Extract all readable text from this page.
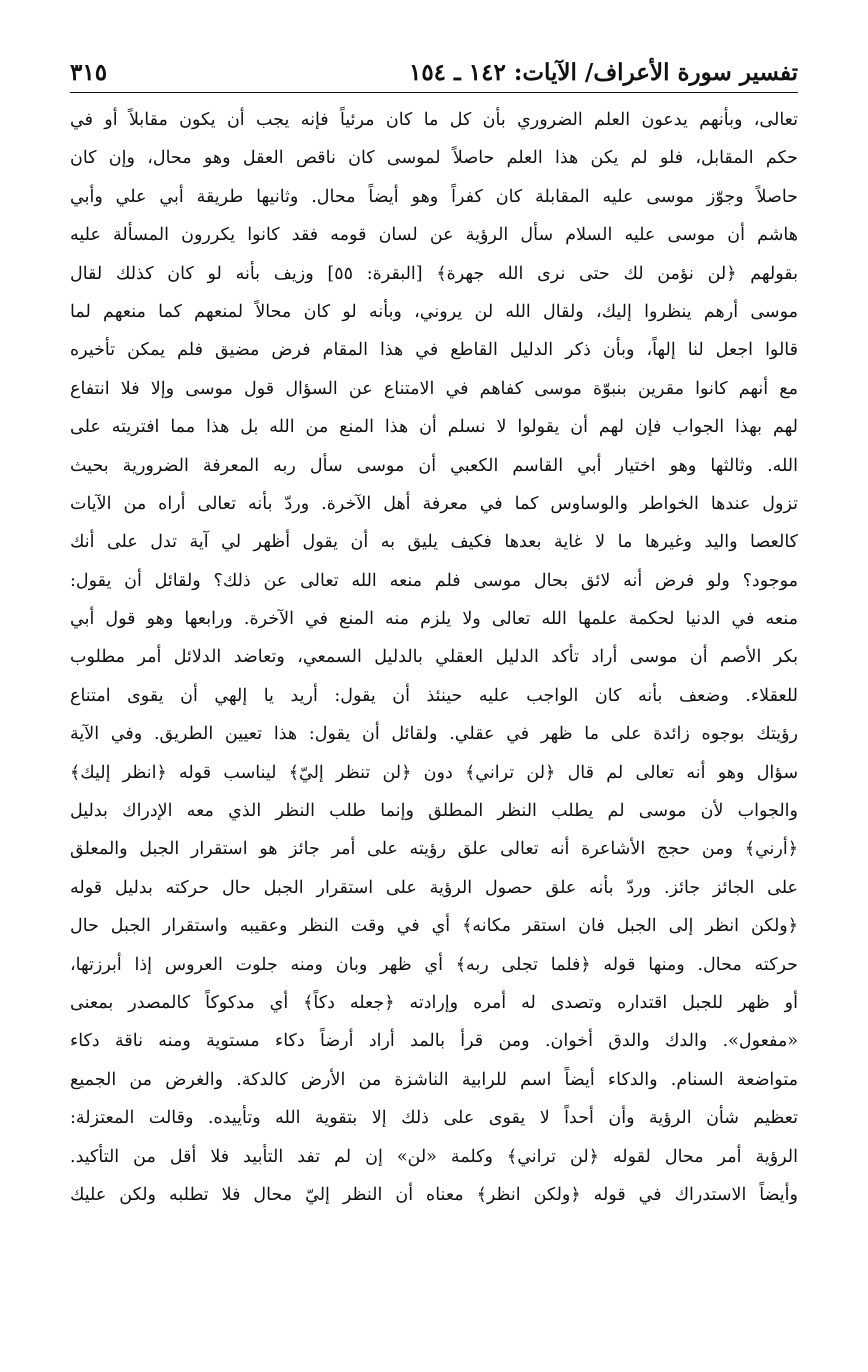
تفسير سورة الأعراف/ الآيات: ١٤٢ ـ ١٥٤
٣١٥
تعالى، وبأنهم يدعون العلم الضروري بأن كل ما كان مرئياً فإنه يجب أن يكون مقابلاً أو في
حكم المقابل، فلو لم يكن هذا العلم حاصلاً لموسى كان ناقص العقل وهو محال، وإن كان
حاصلاً وجوّز موسى عليه المقابلة كان كفراً وهو أيضاً محال. وثانيها طريقة أبي علي وأبي
هاشم أن موسى عليه السلام سأل الرؤية عن لسان قومه فقد كانوا يكررون المسألة عليه
بقولهم ﴿لن نؤمن لك حتى نرى الله جهرة﴾ [البقرة: ٥٥] وزيف بأنه لو كان كذلك لقال
موسى أرهم ينظروا إليك، ولقال الله لن يروني، وبأنه لو كان محالاً لمنعهم كما منعهم لما
قالوا اجعل لنا إلهاً، وبأن ذكر الدليل القاطع في هذا المقام فرض مضيق فلم يمكن تأخيره
مع أنهم كانوا مقرين بنبوّة موسى كفاهم في الامتناع عن السؤال قول موسى وإلا فلا انتفاع
لهم بهذا الجواب فإن لهم أن يقولوا لا نسلم أن هذا المنع من الله بل هذا مما افتريته على
الله. وثالثها وهو اختيار أبي القاسم الكعبي أن موسى سأل ربه المعرفة الضرورية بحيث
تزول عندها الخواطر والوساوس كما في معرفة أهل الآخرة. وردّ بأنه تعالى أراه من الآيات
كالعصا واليد وغيرها ما لا غاية بعدها فكيف يليق به أن يقول أظهر لي آية تدل على أنك
موجود؟ ولو فرض أنه لائق بحال موسى فلم منعه الله تعالى عن ذلك؟ ولقائل أن يقول:
منعه في الدنيا لحكمة علمها الله تعالى ولا يلزم منه المنع في الآخرة. ورابعها وهو قول أبي
بكر الأصم أن موسى أراد تأكد الدليل العقلي بالدليل السمعي، وتعاضد الدلائل أمر مطلوب
للعقلاء. وضعف بأنه كان الواجب عليه حينئذ أن يقول: أريد يا إلهي أن يقوى امتناع
رؤيتك بوجوه زائدة على ما ظهر في عقلي. ولقائل أن يقول: هذا تعيين الطريق. وفي الآية
سؤال وهو أنه تعالى لم قال ﴿لن تراني﴾ دون ﴿لن تنظر إليّ﴾ ليناسب قوله ﴿انظر إليك﴾
والجواب لأن موسى لم يطلب النظر المطلق وإنما طلب النظر الذي معه الإدراك بدليل
﴿أرني﴾ ومن حجج الأشاعرة أنه تعالى علق رؤيته على أمر جائز هو استقرار الجبل والمعلق
على الجائز جائز. وردّ بأنه علق حصول الرؤية على استقرار الجبل حال حركته بدليل قوله
﴿ولكن انظر إلى الجبل فان استقر مكانه﴾ أي في وقت النظر وعقيبه واستقرار الجبل حال
حركته محال. ومنها قوله ﴿فلما تجلى ربه﴾ أي ظهر وبان ومنه جلوت العروس إذا أبرزتها،
أو ظهر للجبل اقتداره وتصدى له أمره وإرادته ﴿جعله دكاً﴾ أي مدكوكاً كالمصدر بمعنى
«مفعول». والدك والدق أخوان. ومن قرأ بالمد أراد أرضاً دكاء مستوية ومنه ناقة دكاء
متواضعة السنام. والدكاء أيضاً اسم للرابية الناشزة من الأرض كالدكة. والغرض من الجميع
تعظيم شأن الرؤية وأن أحداً لا يقوى على ذلك إلا بتقوية الله وتأييده. وقالت المعتزلة:
الرؤية أمر محال لقوله ﴿لن تراني﴾ وكلمة «لن» إن لم تفد التأبيد فلا أقل من التأكيد.
وأيضاً الاستدراك في قوله ﴿ولكن انظر﴾ معناه أن النظر إليّ محال فلا تطلبه ولكن عليك
